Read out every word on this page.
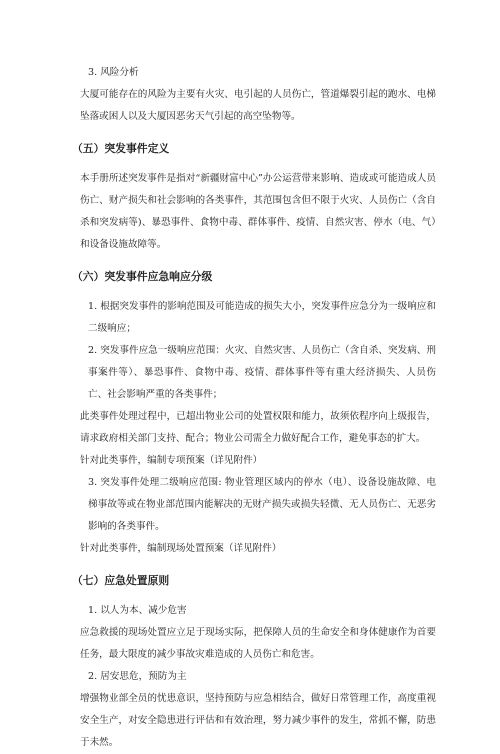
3. 风险分析

大厦可能存在的风险为主要有火灾、电引起的人员伤亡，管道爆裂引起的跑水、电梯坠落或困人以及大厦因恶劣天气引起的高空坠物等。

（五）突发事件定义

本手册所述突发事件是指对“新疆财富中心”办公运营带来影响、造成或可能造成人员伤亡、财产损失和社会影响的各类事件，其范围包含但不限于火灾、人员伤亡（含自杀和突发病等)、暴恐事件、食物中毒、群体事件、疫情、自然灾害、停水（电、气）和设备设施故障等。

（六）突发事件应急响应分级

1. 根据突发事件的影响范围及可能造成的损失大小，突发事件应急分为一级响应和二级响应；

2. 突发事件应急一级响应范围：火灾、自然灾害、人员伤亡（含自杀、突发病、刑事案件等）、暴恐事件、食物中毒、疫情、群体事件等有重大经济损失、人员伤亡、社会影响严重的各类事件；

此类事件处理过程中，已超出物业公司的处置权限和能力，故须依程序向上级报告，请求政府相关部门支持、配合；物业公司需全力做好配合工作，避免事态的扩大。

针对此类事件，编制专项预案（详见附件）

3. 突发事件处理二级响应范围: 物业管理区域内的停水（电）、设备设施故障、电梯事故等或在物业部范围内能解决的无财产损失或损失轻微、无人员伤亡、无恶劣影响的各类事件。

针对此类事件，编制现场处置预案（详见附件）

（七）应急处置原则

1. 以人为本、减少危害

应急救援的现场处置应立足于现场实际，把保障人员的生命安全和身体健康作为首要任务，最大限度的减少事故灾难造成的人员伤亡和危害。

2. 居安思危，预防为主

增强物业部全员的忧患意识，坚持预防与应急相结合，做好日常管理工作，高度重视安全生产，对安全隐患进行评估和有效治理，努力减少事件的发生，常抓不懈，防患于未然。
